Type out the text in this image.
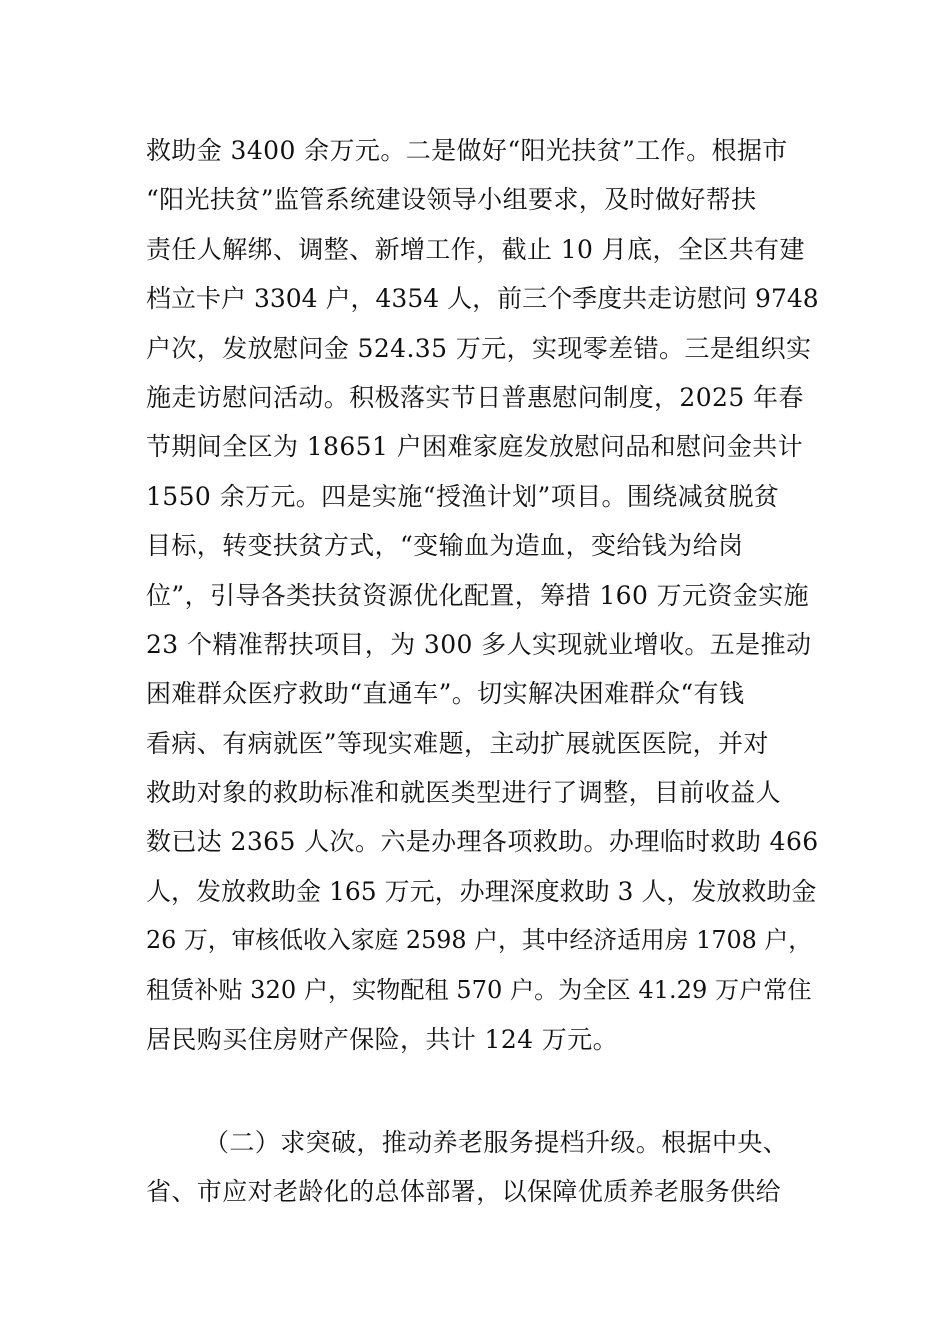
救助金 3400 余万元。二是做好“阳光扶贫”工作。根据市
“阳光扶贫”监管系统建设领导小组要求，及时做好帮扶
责任人解绑、调整、新增工作，截止 10 月底，全区共有建
档立卡户 3304 户，4354 人，前三个季度共走访慰问 9748
户次，发放慰问金 524.35 万元，实现零差错。三是组织实
施走访慰问活动。积极落实节日普惠慰问制度，2025 年春
节期间全区为 18651 户困难家庭发放慰问品和慰问金共计
1550 余万元。四是实施“授渔计划”项目。围绕减贫脱贫
目标，转变扶贫方式，“变输血为造血，变给钱为给岗
位”，引导各类扶贫资源优化配置，筹措 160 万元资金实施
23 个精准帮扶项目，为 300 多人实现就业增收。五是推动
困难群众医疗救助“直通车”。切实解决困难群众“有钱
看病、有病就医”等现实难题，主动扩展就医医院，并对
救助对象的救助标准和就医类型进行了调整，目前收益人
数已达 2365 人次。六是办理各项救助。办理临时救助 466
人，发放救助金 165 万元，办理深度救助 3 人，发放救助金
26 万，审核低收入家庭 2598 户，其中经济适用房 1708 户，
租赁补贴 320 户，实物配租 570 户。为全区 41.29 万户常住
居民购买住房财产保险，共计 124 万元。
（二）求突破，推动养老服务提档升级。根据中央、
省、市应对老龄化的总体部署，以保障优质养老服务供给
